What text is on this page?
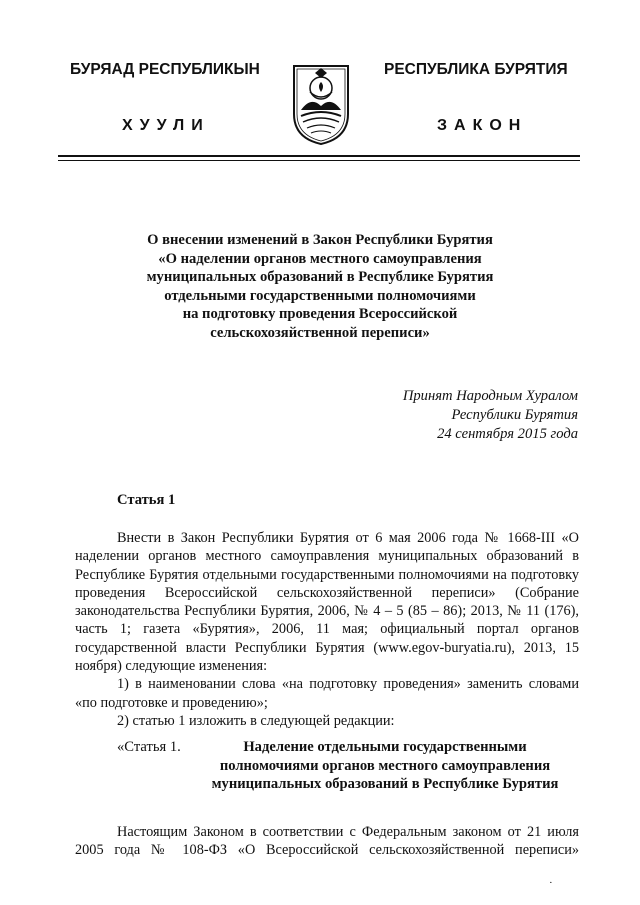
БУРЯАД РЕСПУБЛИКЫН	РЕСПУБЛИКА БУРЯТИЯ
ХУУЛИ	ЗАКОН
О внесении изменений в Закон Республики Бурятия
«О наделении органов местного самоуправления
муниципальных образований в Республике Бурятия
отдельными государственными полномочиями
на подготовку проведения Всероссийской
сельскохозяйственной переписи»
Принят Народным Хуралом
Республики Бурятия
24 сентября 2015 года
Статья 1

Внести в Закон Республики Бурятия от 6 мая 2006 года № 1668-III «О наделении органов местного самоуправления муниципальных образований в Республике Бурятия отдельными государственными полномочиями на подготовку проведения Всероссийской сельскохозяйственной переписи» (Собрание законодательства Республики Бурятия, 2006, № 4 – 5 (85 – 86); 2013, № 11 (176), часть 1; газета «Бурятия», 2006, 11 мая; официальный портал органов государственной власти Республики Бурятия (www.egov-buryatia.ru), 2013, 15 ноября) следующие изменения:

1) в наименовании слова «на подготовку проведения» заменить словами «по подготовке и проведению»;

2) статью 1 изложить в следующей редакции:

«Статья 1.	Наделение отдельными государственными
полномочиями органов местного самоуправления
муниципальных образований в Республике Бурятия

Настоящим Законом в соответствии с Федеральным законом от 21 июля 2005 года № 108-ФЗ «О Всероссийской сельскохозяйственной переписи»

·
